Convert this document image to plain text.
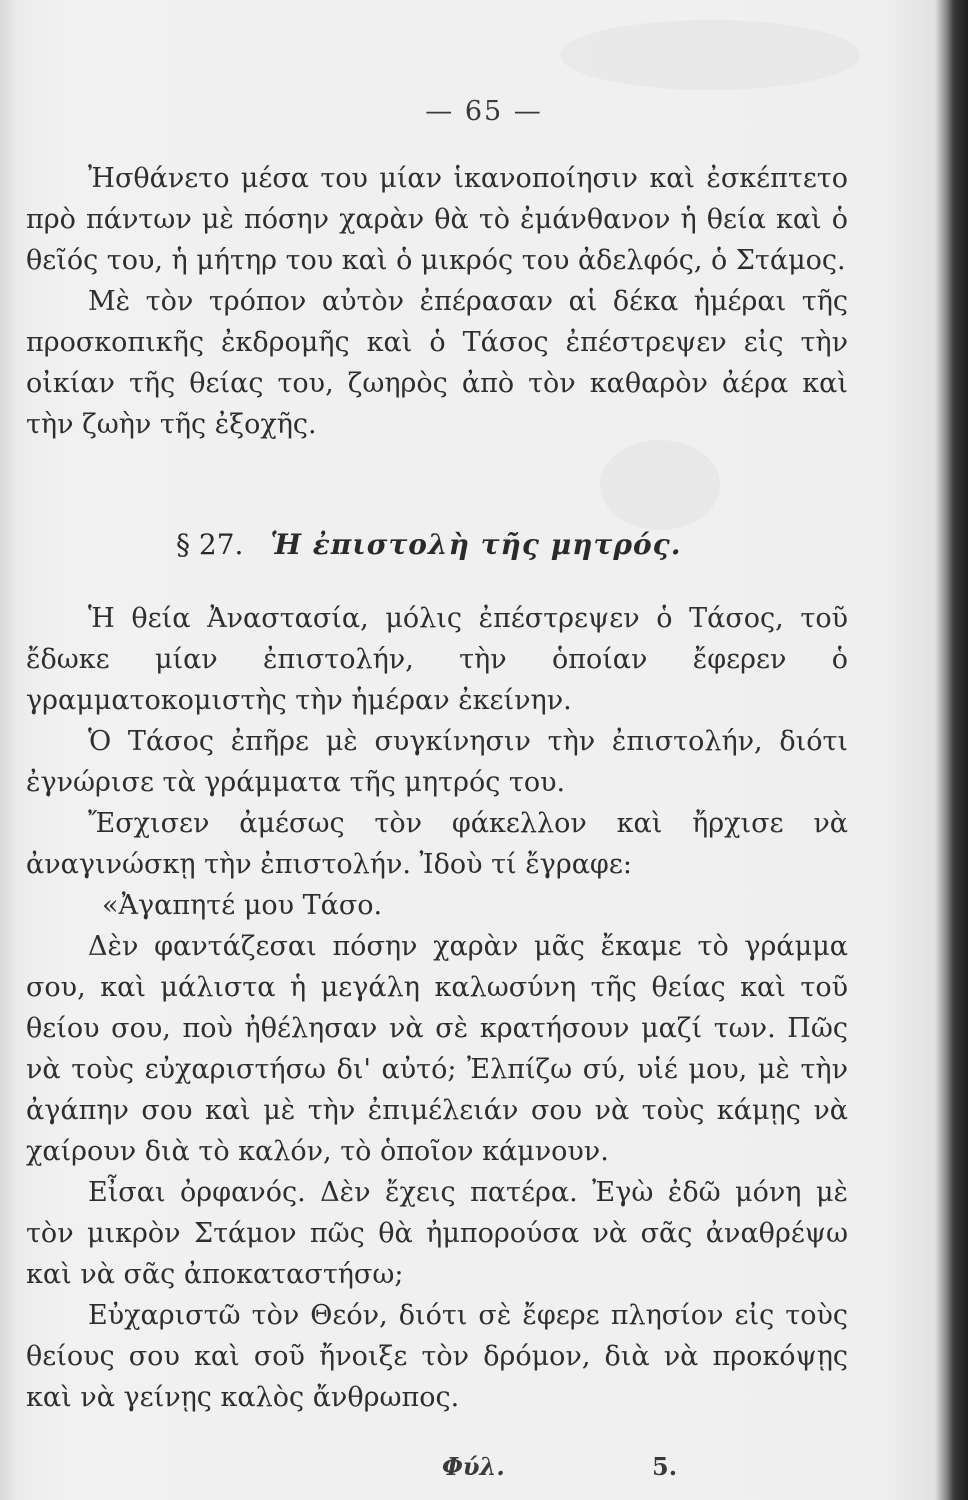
— 65 —

Ἠσθάνετο μέσα του μίαν ἱκανοποίησιν καὶ ἐσκέπτετο πρὸ πάντων μὲ πόσην χαρὰν θὰ τὸ ἐμάνθανον ἡ θεία καὶ ὁ θεῖός του, ἡ μήτηρ του καὶ ὁ μικρός του ἀδελφός, ὁ Στάμος.

Μὲ τὸν τρόπον αὐτὸν ἐπέρασαν αἱ δέκα ἡμέραι τῆς προσκοπικῆς ἐκδρομῆς καὶ ὁ Τάσος ἐπέστρεψεν εἰς τὴν οἰκίαν τῆς θείας του, ζωηρὸς ἀπὸ τὸν καθαρὸν ἀέρα καὶ τὴν ζωὴν τῆς ἐξοχῆς.

§ 27. Ἡ ἐπιστολὴ τῆς μητρός.

Ἡ θεία Ἀναστασία, μόλις ἐπέστρεψεν ὁ Τάσος, τοῦ ἔδωκε μίαν ἐπιστολήν, τὴν ὁποίαν ἔφερεν ὁ γραμματοκομιστὴς τὴν ἡμέραν ἐκείνην.

Ὁ Τάσος ἐπῆρε μὲ συγκίνησιν τὴν ἐπιστολήν, διότι ἐγνώρισε τὰ γράμματα τῆς μητρός του.

Ἔσχισεν ἀμέσως τὸν φάκελλον καὶ ἤρχισε νὰ ἀναγινώσκῃ τὴν ἐπιστολήν. Ἰδοὺ τί ἔγραφε:

«Ἀγαπητέ μου Τάσο.

Δὲν φαντάζεσαι πόσην χαρὰν μᾶς ἔκαμε τὸ γράμμα σου, καὶ μάλιστα ἡ μεγάλη καλωσύνη τῆς θείας καὶ τοῦ θείου σου, ποὺ ἠθέλησαν νὰ σὲ κρατήσουν μαζί των. Πῶς νὰ τοὺς εὐχαριστήσω δι' αὐτό; Ἐλπίζω σύ, υἱέ μου, μὲ τὴν ἀγάπην σου καὶ μὲ τὴν ἐπιμέλειάν σου νὰ τοὺς κάμῃς νὰ χαίρουν διὰ τὸ καλόν, τὸ ὁποῖον κάμνουν.

Εἶσαι ὀρφανός. Δὲν ἔχεις πατέρα. Ἐγὼ ἐδῶ μόνη μὲ τὸν μικρὸν Στάμον πῶς θὰ ἠμπορούσα νὰ σᾶς ἀναθρέψω καὶ νὰ σᾶς ἀποκαταστήσω;

Εὐχαριστῶ τὸν Θεόν, διότι σὲ ἔφερε πλησίον εἰς τοὺς θείους σου καὶ σοῦ ἤνοιξε τὸν δρόμον, διὰ νὰ προκόψῃς καὶ νὰ γείνῃς καλὸς ἄνθρωπος.

Φύλ.	5.
